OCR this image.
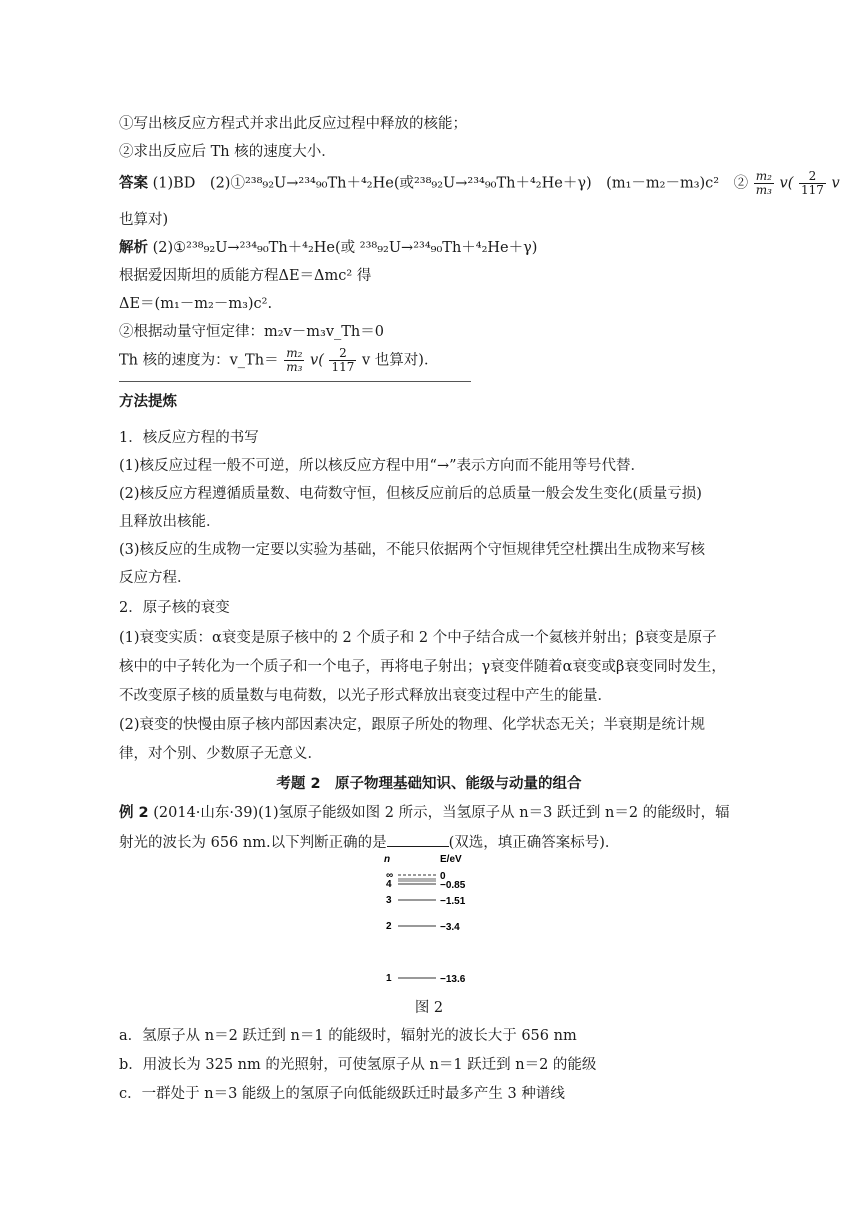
①写出核反应方程式并求出此反应过程中释放的核能；
②求出反应后 Th 核的速度大小．
答案 (1)BD　(2)①²³⁸₉₂U→²³⁴₉₀Th＋⁴₂He(或²³⁸₉₂U→²³⁴₉₀Th＋⁴₂He＋γ)　(m₁－m₂－m₃)c²　② $\frac{\text{m₂}}{\text{m₃}} v( \frac{2}{117}$ v
也算对)
解析 (2)①²³⁸₉₂U→²³⁴₉₀Th＋⁴₂He(或 ²³⁸₉₂U→²³⁴₉₀Th＋⁴₂He＋γ)
根据爱因斯坦的质能方程ΔE＝Δmc² 得
ΔE＝(m₁－m₂－m₃)c².
②根据动量守恒定律：m₂v－m₃v_Th＝0
Th 核的速度为：v_Th＝ $\frac{\text{m₂}}{\text{m₃}} v( \frac{2}{117}$ v 也算对)．
方法提炼
1．核反应方程的书写
(1)核反应过程一般不可逆，所以核反应方程中用“→”表示方向而不能用等号代替．
(2)核反应方程遵循质量数、电荷数守恒，但核反应前后的总质量一般会发生变化(质量亏损)
且释放出核能．
(3)核反应的生成物一定要以实验为基础，不能只依据两个守恒规律凭空杜撰出生成物来写核
反应方程．
2．原子核的衰变
(1)衰变实质：α衰变是原子核中的 2 个质子和 2 个中子结合成一个氦核并射出；β衰变是原子
核中的中子转化为一个质子和一个电子，再将电子射出；γ衰变伴随着α衰变或β衰变同时发生，
不改变原子核的质量数与电荷数，以光子形式释放出衰变过程中产生的能量．
(2)衰变的快慢由原子核内部因素决定，跟原子所处的物理、化学状态无关；半衰期是统计规
律，对个别、少数原子无意义．
考题 2　原子物理基础知识、能级与动量的组合
例 2 (2014·山东·39)(1)氢原子能级如图 2 所示，当氢原子从 n＝3 跃迁到 n＝2 的能级时，辐
射光的波长为 656 nm.以下判断正确的是	(双选，填正确答案标号)．
n	E/eV
∞	0
4	−0.85
3	−1.51
2	−3.4
1	−13.6
图 2
a．氢原子从 n＝2 跃迁到 n＝1 的能级时，辐射光的波长大于 656 nm
b．用波长为 325 nm 的光照射，可使氢原子从 n＝1 跃迁到 n＝2 的能级
c．一群处于 n＝3 能级上的氢原子向低能级跃迁时最多产生 3 种谱线
